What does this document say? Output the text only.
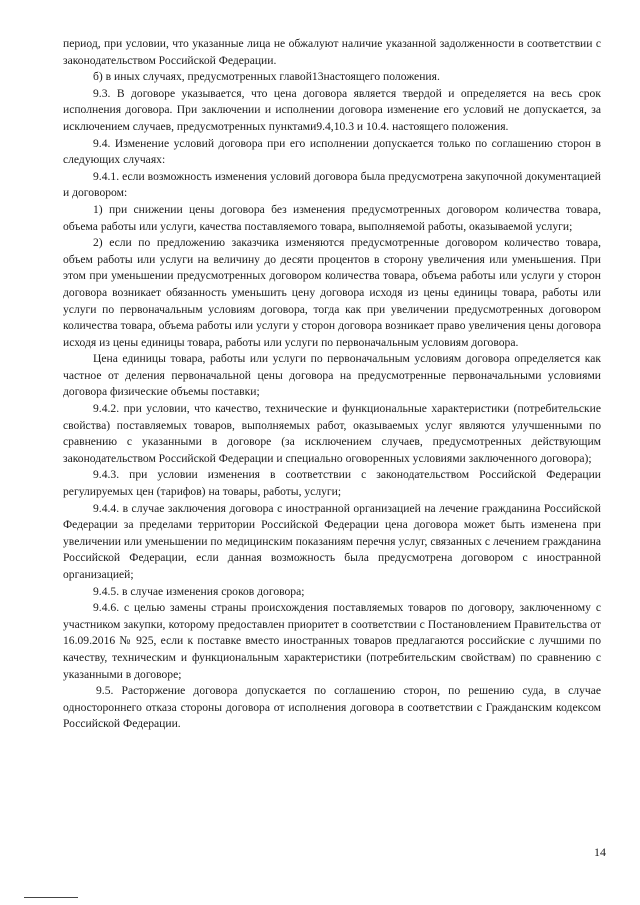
период, при условии, что указанные лица не обжалуют наличие указанной задолженности в соответствии с законодательством Российской Федерации.

б) в иных случаях, предусмотренных главой13настоящего положения.

9.3. В договоре указывается, что цена договора является твердой и определяется на весь срок исполнения договора. При заключении и исполнении договора изменение его условий не допускается, за исключением случаев, предусмотренных пунктами9.4,10.3 и 10.4. настоящего положения.

9.4. Изменение условий договора при его исполнении допускается только по соглашению сторон в следующих случаях:

9.4.1. если возможность изменения условий договора была предусмотрена закупочной документацией и договором:

1) при снижении цены договора без изменения предусмотренных договором количества товара, объема работы или услуги, качества поставляемого товара, выполняемой работы, оказываемой услуги;

2) если по предложению заказчика изменяются предусмотренные договором количество товара, объем работы или услуги на величину до десяти процентов в сторону увеличения или уменьшения. При этом при уменьшении предусмотренных договором количества товара, объема работы или услуги у сторон договора возникает обязанность уменьшить цену договора исходя из цены единицы товара, работы или услуги по первоначальным условиям договора, тогда как при увеличении предусмотренных договором количества товара, объема работы или услуги у сторон договора возникает право увеличения цены договора исходя из цены единицы товара, работы или услуги по первоначальным условиям договора.

Цена единицы товара, работы или услуги по первоначальным условиям договора определяется как частное от деления первоначальной цены договора на предусмотренные первоначальными условиями договора физические объемы поставки;

9.4.2. при условии, что качество, технические и функциональные характеристики (потребительские свойства) поставляемых товаров, выполняемых работ, оказываемых услуг являются улучшенными по сравнению с указанными в договоре (за исключением случаев, предусмотренных действующим законодательством Российской Федерации и специально оговоренных условиями заключенного договора);

9.4.3. при условии изменения в соответствии с законодательством Российской Федерации регулируемых цен (тарифов) на товары, работы, услуги;

9.4.4. в случае заключения договора с иностранной организацией на лечение гражданина Российской Федерации за пределами территории Российской Федерации цена договора может быть изменена при увеличении или уменьшении по медицинским показаниям перечня услуг, связанных с лечением гражданина Российской Федерации, если данная возможность была предусмотрена договором с иностранной организацией;

9.4.5. в случае изменения сроков договора;

9.4.6. с целью замены страны происхождения поставляемых товаров по договору, заключенному с участником закупки, которому предоставлен приоритет в соответствии с Постановлением Правительства от 16.09.2016 № 925, если к поставке вместо иностранных товаров предлагаются российские с лучшими по качеству, техническим и функциональным характеристики (потребительским свойствам) по сравнению с указанными в договоре;

9.5. Расторжение договора допускается по соглашению сторон, по решению суда, в случае одностороннего отказа стороны договора от исполнения договора в соответствии с Гражданским кодексом Российской Федерации.

14
